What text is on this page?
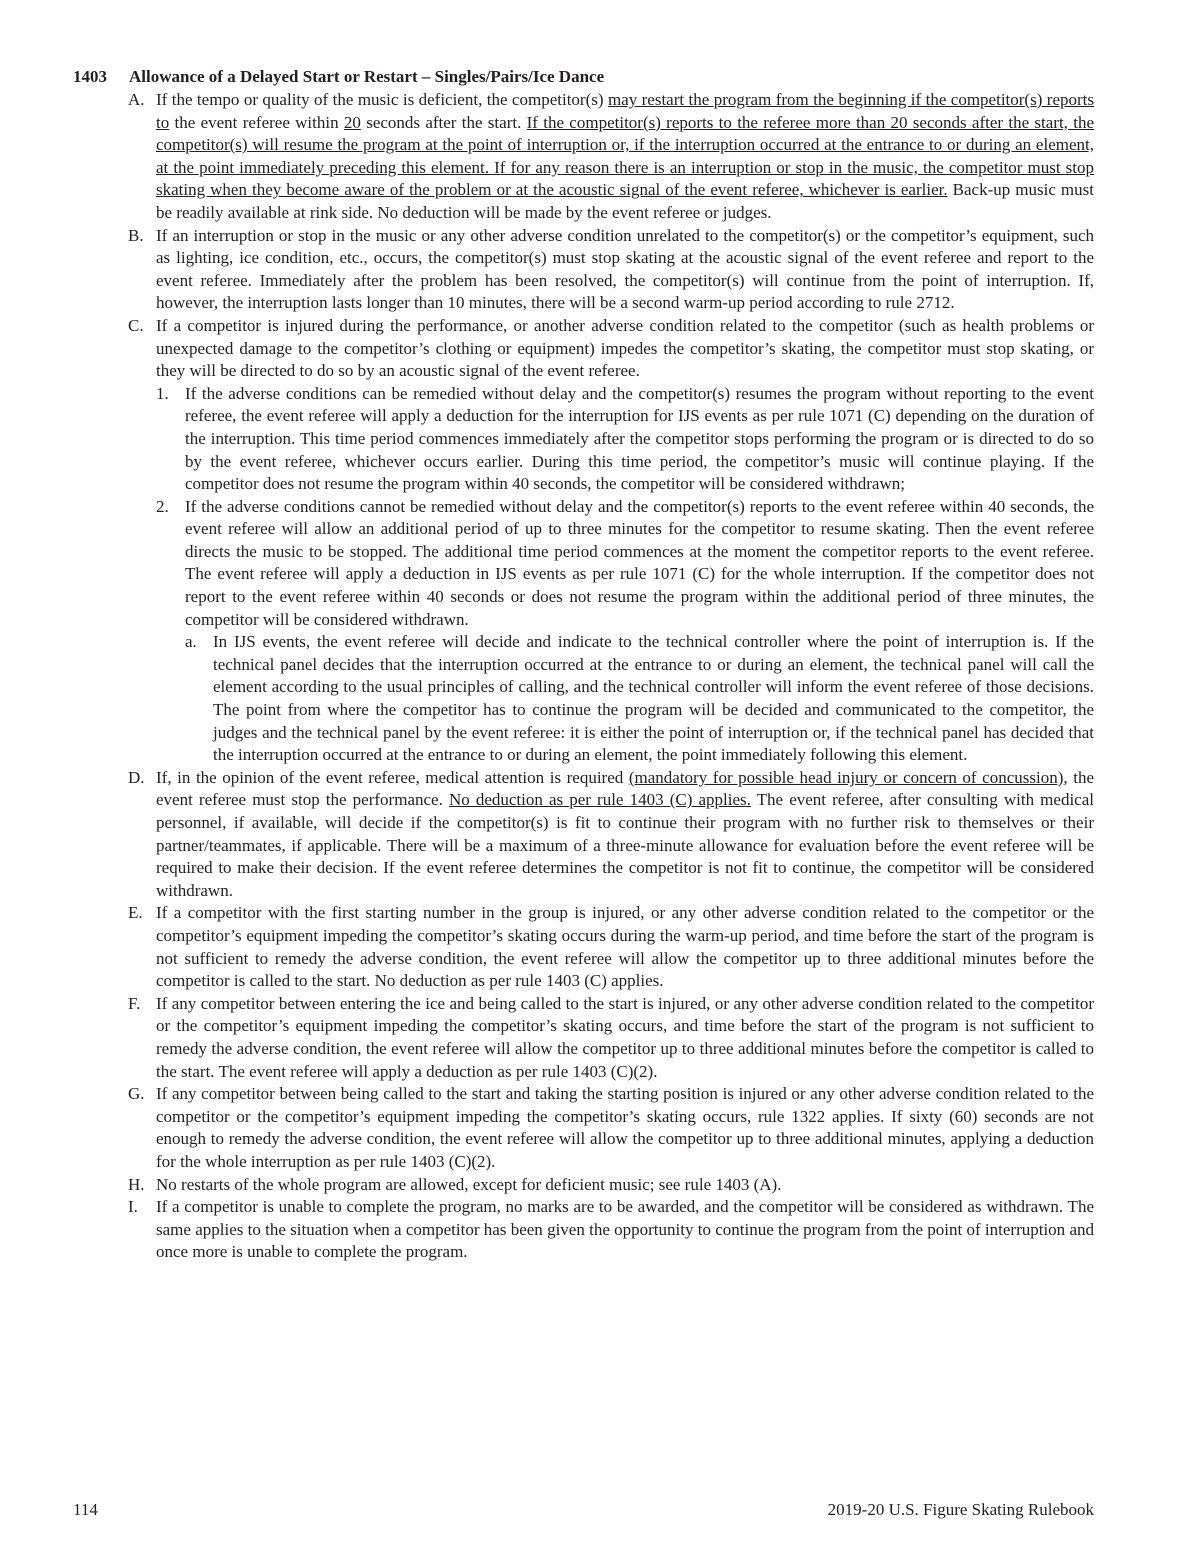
1403 Allowance of a Delayed Start or Restart – Singles/Pairs/Ice Dance
A. If the tempo or quality of the music is deficient, the competitor(s) may restart the program from the beginning if the competitor(s) reports to the event referee within 20 seconds after the start. If the competitor(s) reports to the referee more than 20 seconds after the start, the competitor(s) will resume the program at the point of interruption or, if the interruption occurred at the entrance to or during an element, at the point immediately preceding this element. If for any reason there is an interruption or stop in the music, the competitor must stop skating when they become aware of the problem or at the acoustic signal of the event referee, whichever is earlier. Back-up music must be readily available at rink side. No deduction will be made by the event referee or judges.
B. If an interruption or stop in the music or any other adverse condition unrelated to the competitor(s) or the competitor’s equipment, such as lighting, ice condition, etc., occurs, the competitor(s) must stop skating at the acoustic signal of the event referee and report to the event referee. Immediately after the problem has been resolved, the competitor(s) will continue from the point of interruption. If, however, the interruption lasts longer than 10 minutes, there will be a second warm-up period according to rule 2712.
C. If a competitor is injured during the performance, or another adverse condition related to the competitor (such as health problems or unexpected damage to the competitor’s clothing or equipment) impedes the competitor’s skating, the competitor must stop skating, or they will be directed to do so by an acoustic signal of the event referee.
1. If the adverse conditions can be remedied without delay and the competitor(s) resumes the program without reporting to the event referee, the event referee will apply a deduction for the interruption for IJS events as per rule 1071 (C) depending on the duration of the interruption. This time period commences immediately after the competitor stops performing the program or is directed to do so by the event referee, whichever occurs earlier. During this time period, the competitor’s music will continue playing. If the competitor does not resume the program within 40 seconds, the competitor will be considered withdrawn;
2. If the adverse conditions cannot be remedied without delay and the competitor(s) reports to the event referee within 40 seconds, the event referee will allow an additional period of up to three minutes for the competitor to resume skating. Then the event referee directs the music to be stopped. The additional time period commences at the moment the competitor reports to the event referee. The event referee will apply a deduction in IJS events as per rule 1071 (C) for the whole interruption. If the competitor does not report to the event referee within 40 seconds or does not resume the program within the additional period of three minutes, the competitor will be considered withdrawn.
a. In IJS events, the event referee will decide and indicate to the technical controller where the point of interruption is. If the technical panel decides that the interruption occurred at the entrance to or during an element, the technical panel will call the element according to the usual principles of calling, and the technical controller will inform the event referee of those decisions. The point from where the competitor has to continue the program will be decided and communicated to the competitor, the judges and the technical panel by the event referee: it is either the point of interruption or, if the technical panel has decided that the interruption occurred at the entrance to or during an element, the point immediately following this element.
D. If, in the opinion of the event referee, medical attention is required (mandatory for possible head injury or concern of concussion), the event referee must stop the performance. No deduction as per rule 1403 (C) applies. The event referee, after consulting with medical personnel, if available, will decide if the competitor(s) is fit to continue their program with no further risk to themselves or their partner/teammates, if applicable. There will be a maximum of a three-minute allowance for evaluation before the event referee will be required to make their decision. If the event referee determines the competitor is not fit to continue, the competitor will be considered withdrawn.
E. If a competitor with the first starting number in the group is injured, or any other adverse condition related to the competitor or the competitor’s equipment impeding the competitor’s skating occurs during the warm-up period, and time before the start of the program is not sufficient to remedy the adverse condition, the event referee will allow the competitor up to three additional minutes before the competitor is called to the start. No deduction as per rule 1403 (C) applies.
F. If any competitor between entering the ice and being called to the start is injured, or any other adverse condition related to the competitor or the competitor’s equipment impeding the competitor’s skating occurs, and time before the start of the program is not sufficient to remedy the adverse condition, the event referee will allow the competitor up to three additional minutes before the competitor is called to the start. The event referee will apply a deduction as per rule 1403 (C)(2).
G. If any competitor between being called to the start and taking the starting position is injured or any other adverse condition related to the competitor or the competitor’s equipment impeding the competitor’s skating occurs, rule 1322 applies. If sixty (60) seconds are not enough to remedy the adverse condition, the event referee will allow the competitor up to three additional minutes, applying a deduction for the whole interruption as per rule 1403 (C)(2).
H. No restarts of the whole program are allowed, except for deficient music; see rule 1403 (A).
I.	If a competitor is unable to complete the program, no marks are to be awarded, and the competitor will be considered as withdrawn. The same applies to the situation when a competitor has been given the opportunity to continue the program from the point of interruption and once more is unable to complete the program.
114	2019-20 U.S. Figure Skating Rulebook
